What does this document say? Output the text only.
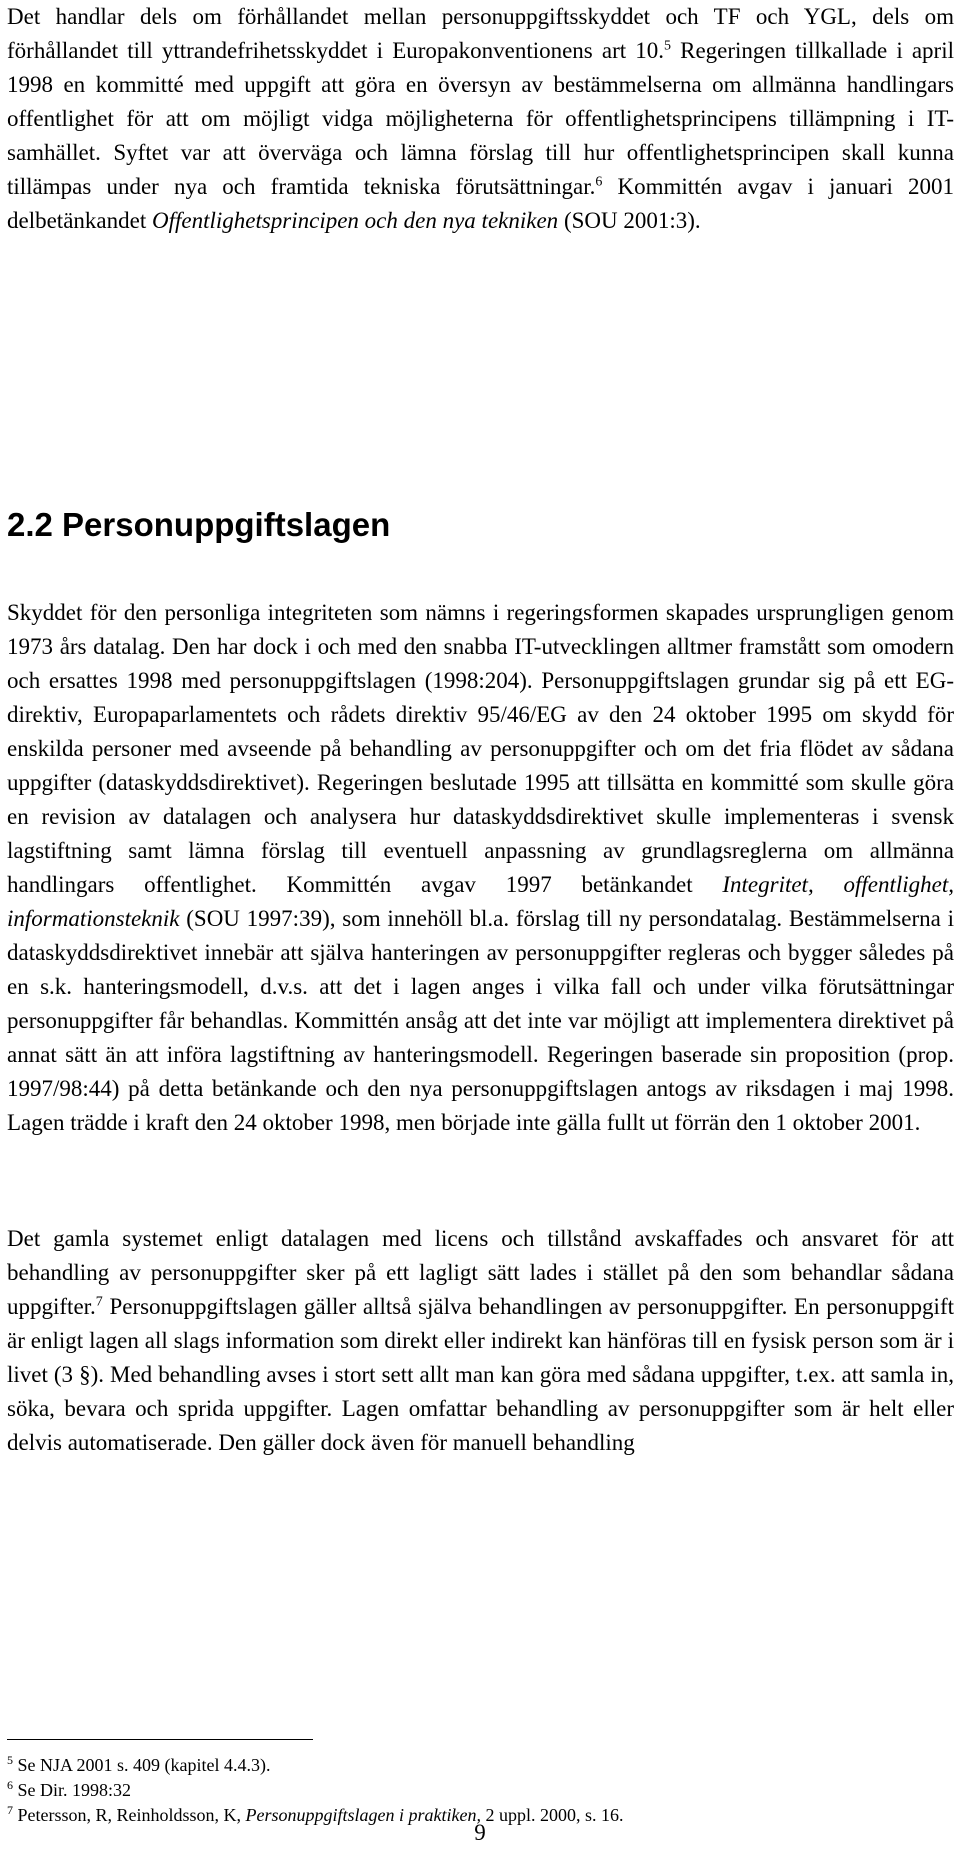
Det handlar dels om förhållandet mellan personuppgiftsskyddet och TF och YGL, dels om förhållandet till yttrandefrihetsskyddet i Europakonventionens art 10.$^5$ Regeringen tillkallade i april 1998 en kommitté med uppgift att göra en översyn av bestämmelserna om allmänna handlingars offentlighet för att om möjligt vidga möjligheterna för offentlighetsprincipens tillämpning i IT-samhället. Syftet var att överväga och lämna förslag till hur offentlighetsprincipen skall kunna tillämpas under nya och framtida tekniska förutsättningar.$^6$ Kommittén avgav i januari 2001 delbetänkandet Offentlighetsprincipen och den nya tekniken (SOU 2001:3).

2.2 Personuppgiftslagen

Skyddet för den personliga integriteten som nämns i regeringsformen skapades ursprungligen genom 1973 års datalag. Den har dock i och med den snabba IT-utvecklingen alltmer framstått som omodern och ersattes 1998 med personuppgiftslagen (1998:204). Personuppgiftslagen grundar sig på ett EG-direktiv, Europaparlamentets och rådets direktiv 95/46/EG av den 24 oktober 1995 om skydd för enskilda personer med avseende på behandling av personuppgifter och om det fria flödet av sådana uppgifter (dataskyddsdirektivet). Regeringen beslutade 1995 att tillsätta en kommitté som skulle göra en revision av datalagen och analysera hur dataskyddsdirektivet skulle implementeras i svensk lagstiftning samt lämna förslag till eventuell anpassning av grundlagsreglerna om allmänna handlingars offentlighet. Kommittén avgav 1997 betänkandet Integritet, offentlighet, informationsteknik (SOU 1997:39), som innehöll bl.a. förslag till ny persondatalag. Bestämmelserna i dataskyddsdirektivet innebär att själva hanteringen av personuppgifter regleras och bygger således på en s.k. hanteringsmodell, d.v.s. att det i lagen anges i vilka fall och under vilka förutsättningar personuppgifter får behandlas. Kommittén ansåg att det inte var möjligt att implementera direktivet på annat sätt än att införa lagstiftning av hanteringsmodell. Regeringen baserade sin proposition (prop. 1997/98:44) på detta betänkande och den nya personuppgiftslagen antogs av riksdagen i maj 1998. Lagen trädde i kraft den 24 oktober 1998, men började inte gälla fullt ut förrän den 1 oktober 2001.

Det gamla systemet enligt datalagen med licens och tillstånd avskaffades och ansvaret för att behandling av personuppgifter sker på ett lagligt sätt lades i stället på den som behandlar sådana uppgifter.$^7$ Personuppgiftslagen gäller alltså själva behandlingen av personuppgifter. En personuppgift är enligt lagen all slags information som direkt eller indirekt kan hänföras till en fysisk person som är i livet (3 §). Med behandling avses i stort sett allt man kan göra med sådana uppgifter, t.ex. att samla in, söka, bevara och sprida uppgifter. Lagen omfattar behandling av personuppgifter som är helt eller delvis automatiserade. Den gäller dock även för manuell behandling

$^5$ Se NJA 2001 s. 409 (kapitel 4.4.3).

$^6$ Se Dir. 1998:32

$^7$ Petersson, R, Reinholdsson, K, Personuppgiftslagen i praktiken, 2 uppl. 2000, s. 16.

9
